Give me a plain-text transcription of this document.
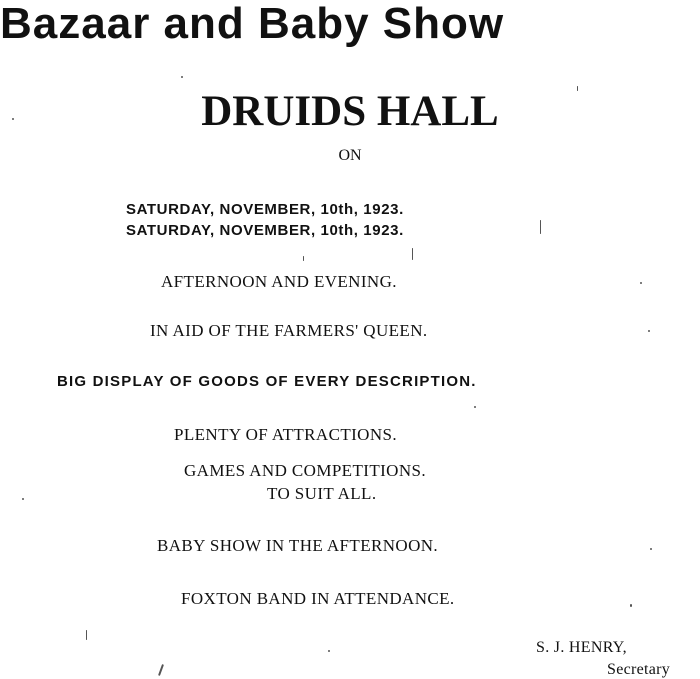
Bazaar and Baby Show
DRUIDS HALL
ON
SATURDAY, NOVEMBER, 10th, 1923.
SATURDAY, NOVEMBER, 10th, 1923.
AFTERNOON AND EVENING.
IN AID OF THE FARMERS' QUEEN.
BIG DISPLAY OF GOODS OF EVERY DESCRIPTION.
PLENTY OF ATTRACTIONS.
GAMES AND COMPETITIONS.
TO SUIT ALL.
BABY SHOW IN THE AFTERNOON.
FOXTON BAND IN ATTENDANCE.
S. J. HENRY,
Secretary
